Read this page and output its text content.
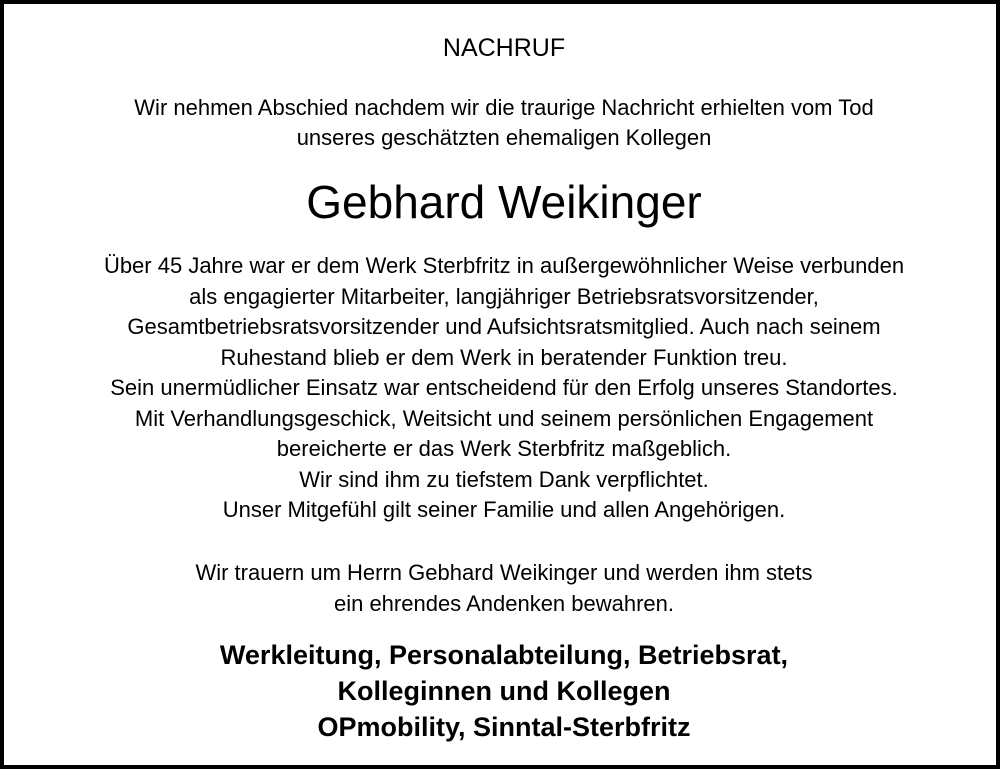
NACHRUF
Wir nehmen Abschied nachdem wir die traurige Nachricht erhielten vom Tod
unseres geschätzten ehemaligen Kollegen
Gebhard Weikinger
Über 45 Jahre war er dem Werk Sterbfritz in außergewöhnlicher Weise verbunden
als engagierter Mitarbeiter, langjähriger Betriebsratsvorsitzender,
Gesamtbetriebsratsvorsitzender und Aufsichtsratsmitglied. Auch nach seinem
Ruhestand blieb er dem Werk in beratender Funktion treu.
Sein unermüdlicher Einsatz war entscheidend für den Erfolg unseres Standortes.
Mit Verhandlungsgeschick, Weitsicht und seinem persönlichen Engagement
bereicherte er das Werk Sterbfritz maßgeblich.
Wir sind ihm zu tiefstem Dank verpflichtet.
Unser Mitgefühl gilt seiner Familie und allen Angehörigen.
Wir trauern um Herrn Gebhard Weikinger und werden ihm stets
ein ehrendes Andenken bewahren.
Werkleitung, Personalabteilung, Betriebsrat,
Kolleginnen und Kollegen
OPmobility, Sinntal-Sterbfritz
